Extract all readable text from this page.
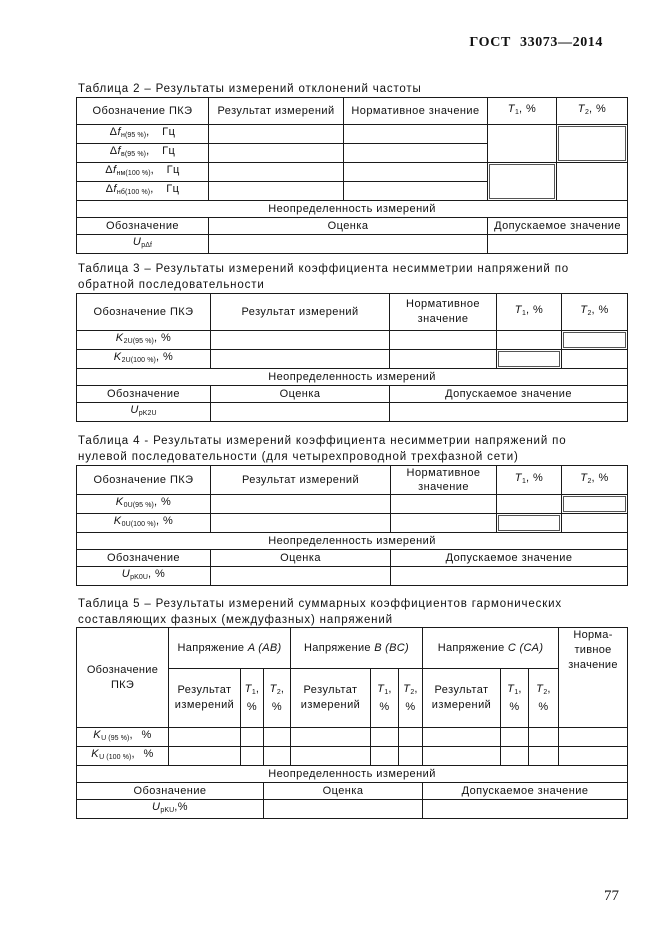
ГОСТ 33073—2014
Таблица 2 – Результаты измерений отклонений частоты
Обозначение ПКЭ	Результат измерений	Нормативное значение	T1, %	T2, %
Δfн(95 %), Гц				
Δfв(95 %), Гц				
Δfнм(100 %), Гц				
Δfнб(100 %), Гц				
Неопределенность измерений				
Обозначение	Оценка		Допускаемое значение	
UpΔf				
Таблица 3 – Результаты измерений коэффициента несимметрии напряжений по
обратной последовательности
Обозначение ПКЭ	Результат измерений	Нормативное значение	T1, %	T2, %
K2U(95 %), %				
K2U(100 %), %				
Неопределенность измерений				
Обозначение	Оценка	Допускаемое значение		
UpK2U				
Таблица 4 - Результаты измерений коэффициента несимметрии напряжений по
нулевой последовательности (для четырехпроводной трехфазной сети)
Обозначение ПКЭ	Результат измерений	Нормативное значение	T1, %	T2, %
K0U(95 %), %				
K0U(100 %), %				
Неопределенность измерений				
Обозначение	Оценка	Допускаемое значение		
UpK0U, %				
Таблица 5 – Результаты измерений суммарных коэффициентов гармонических
составляющих фазных (междуфазных) напряжений
Обозначение ПКЭ	Напряжение A (AB)			Напряжение B (BC)			Напряжение C (CA)			Норма-
тивное
значение

	Результат измерений	T1, %	T2, %	Результат измерений	T1, %	T2, %	Результат измерений	T1, %	T2, %	
KU (95 %), %										
KU (100 %), %										
Неопределенность измерений										
Обозначение			Оценка				Допускаемое значение			
UpKU,%										
77
